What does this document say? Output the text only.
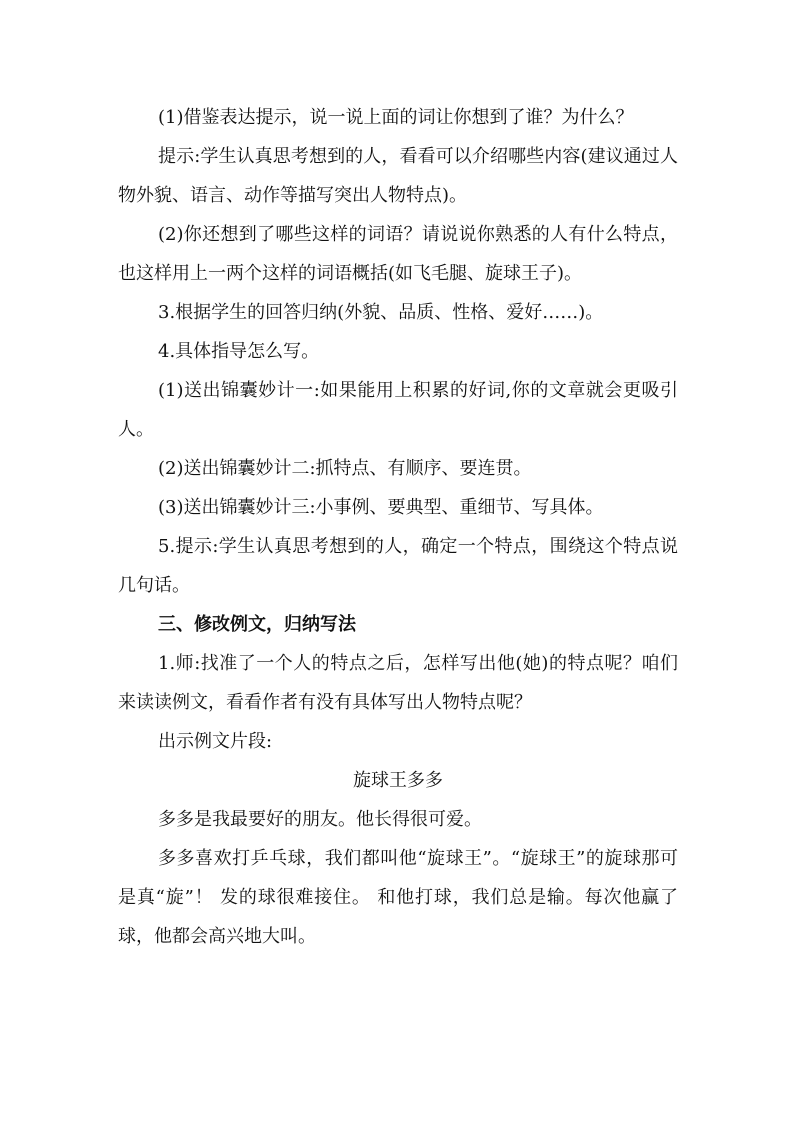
(1)借鉴表达提示，说一说上面的词让你想到了谁？为什么？

提示:学生认真思考想到的人，看看可以介绍哪些内容(建议通过人物外貌、语言、动作等描写突出人物特点)。

(2)你还想到了哪些这样的词语？请说说你熟悉的人有什么特点，也这样用上一两个这样的词语概括(如飞毛腿、旋球王子)。

3.根据学生的回答归纳(外貌、品质、性格、爱好……)。

4.具体指导怎么写。

(1)送出锦囊妙计一:如果能用上积累的好词,你的文章就会更吸引人。

(2)送出锦囊妙计二:抓特点、有顺序、要连贯。

(3)送出锦囊妙计三:小事例、要典型、重细节、写具体。

5.提示:学生认真思考想到的人，确定一个特点，围绕这个特点说几句话。

三、修改例文，归纳写法

1.师:找准了一个人的特点之后，怎样写出他(她)的特点呢？咱们来读读例文，看看作者有没有具体写出人物特点呢？

出示例文片段:

旋球王多多

多多是我最要好的朋友。他长得很可爱。

多多喜欢打乒乓球，我们都叫他“旋球王”。“旋球王”的旋球那可是真“旋”！ 发的球很难接住。 和他打球，我们总是输。每次他赢了球，他都会高兴地大叫。
